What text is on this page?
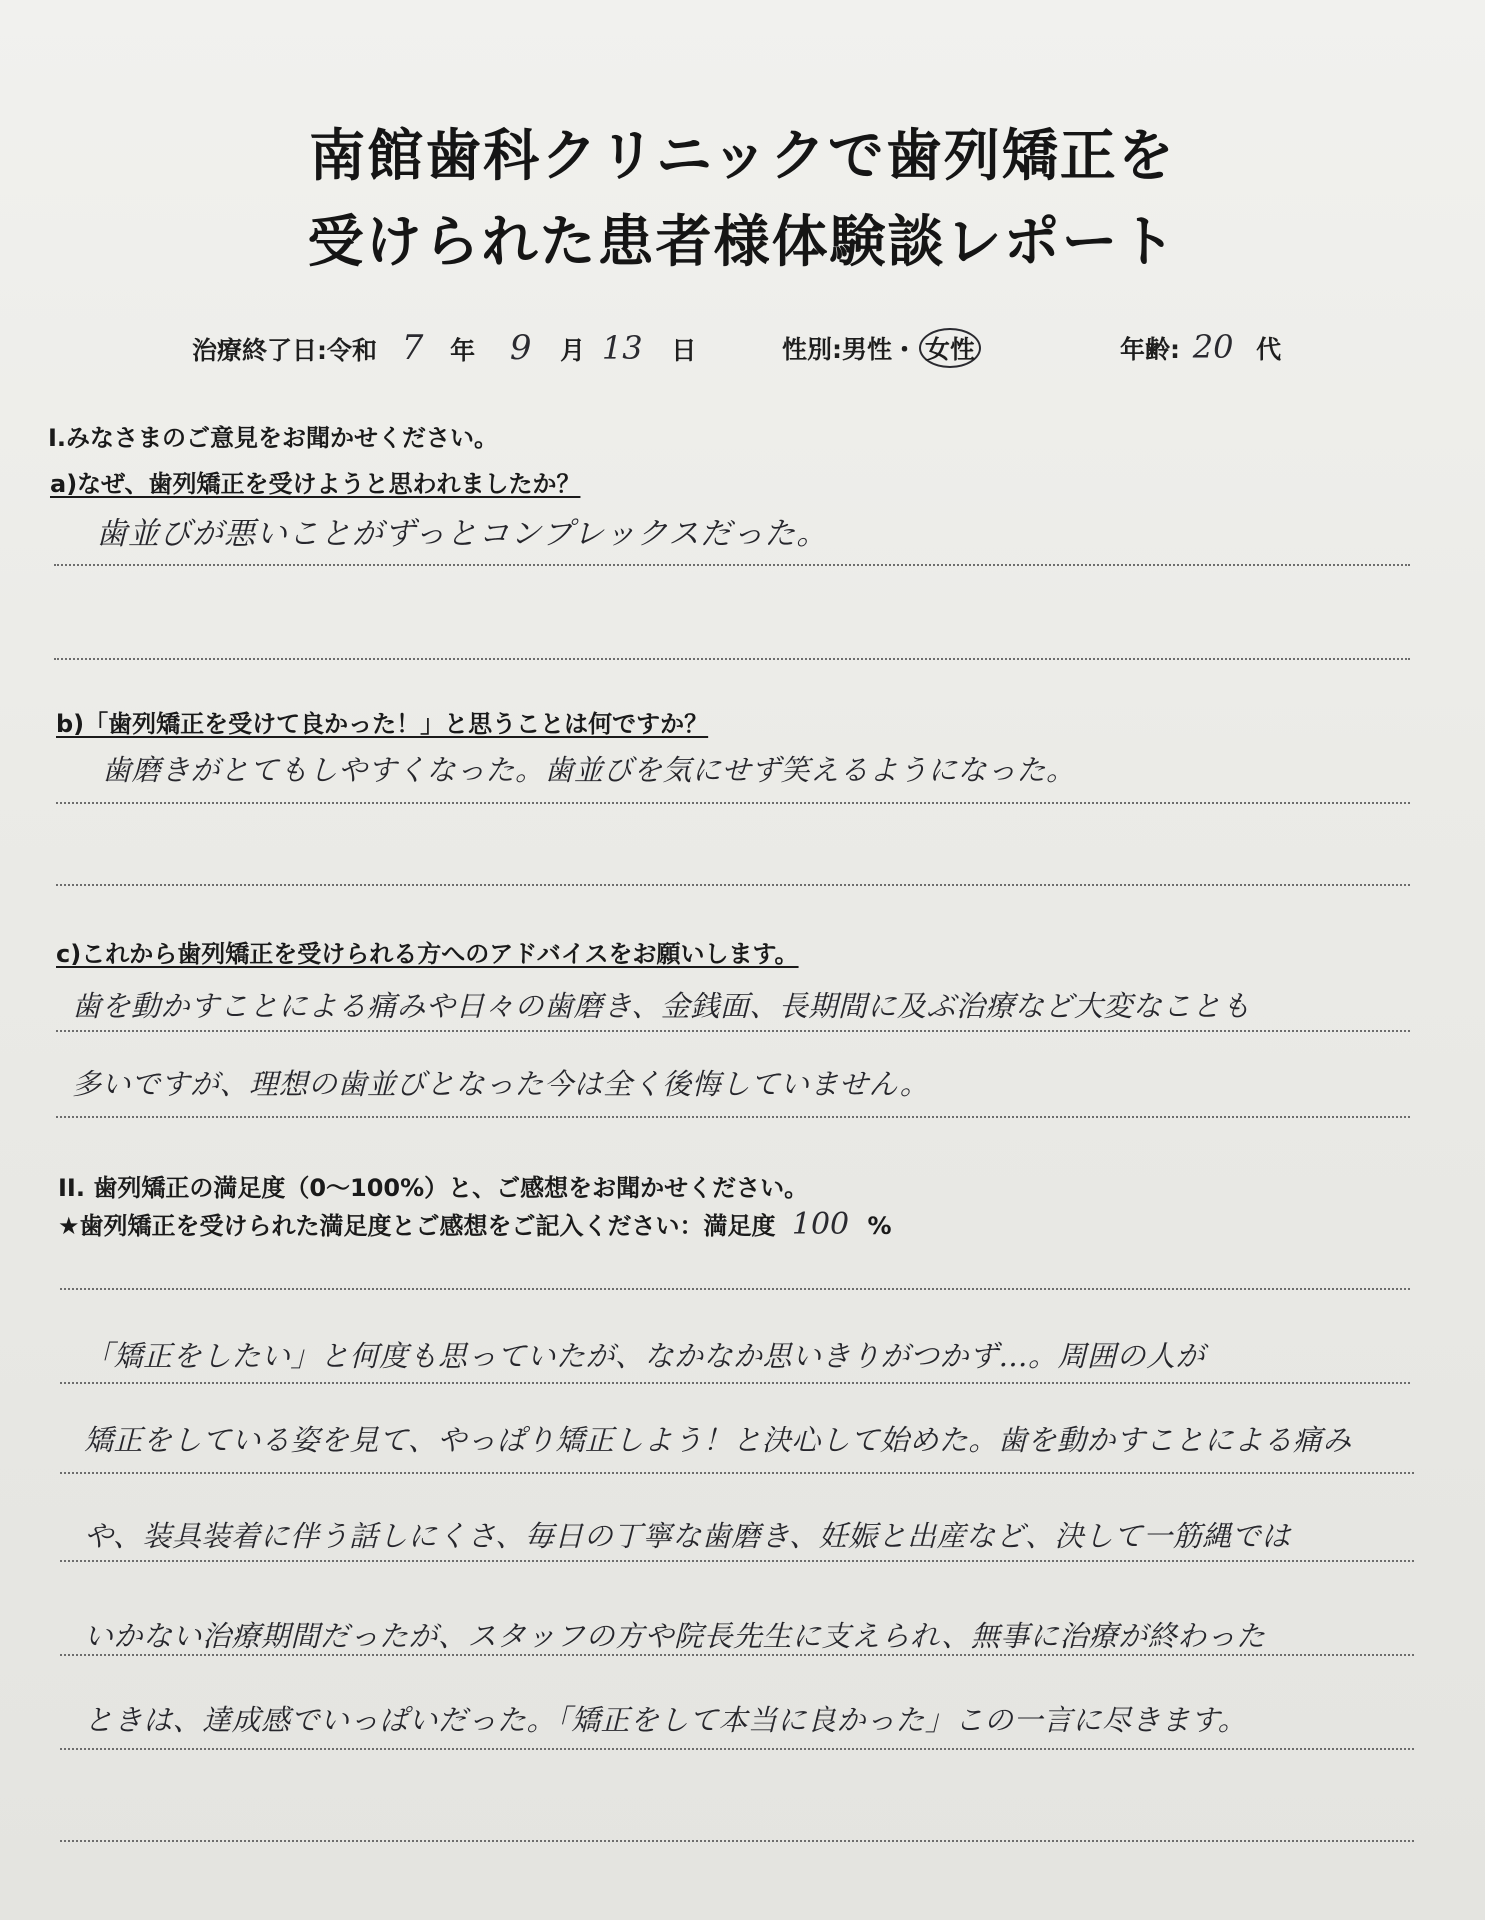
南館歯科クリニックで歯列矯正を
受けられた患者様体験談レポート
治療終了日:令和 7 年 9 月 13 日	性別:男性・ 女性	年齢: 20 代
I.みなさまのご意見をお聞かせください。
a)なぜ、歯列矯正を受けようと思われましたか？
歯並びが悪いことがずっとコンプレックスだった。
b)「歯列矯正を受けて良かった！」と思うことは何ですか？
歯磨きがとてもしやすくなった。歯並びを気にせず笑えるようになった。
c)これから歯列矯正を受けられる方へのアドバイスをお願いします。
歯を動かすことによる痛みや日々の歯磨き、金銭面、長期間に及ぶ治療など大変なことも
多いですが、理想の歯並びとなった今は全く後悔していません。
II. 歯列矯正の満足度（0〜100%）と、ご感想をお聞かせください。
★歯列矯正を受けられた満足度とご感想をご記入ください：満足度 100 %
「矯正をしたい」と何度も思っていたが、なかなか思いきりがつかず…。周囲の人が
矯正をしている姿を見て、やっぱり矯正しよう！と決心して始めた。歯を動かすことによる痛み
や、装具装着に伴う話しにくさ、毎日の丁寧な歯磨き、妊娠と出産など、決して一筋縄では
いかない治療期間だったが、スタッフの方や院長先生に支えられ、無事に治療が終わった
ときは、達成感でいっぱいだった。「矯正をして本当に良かった」この一言に尽きます。
